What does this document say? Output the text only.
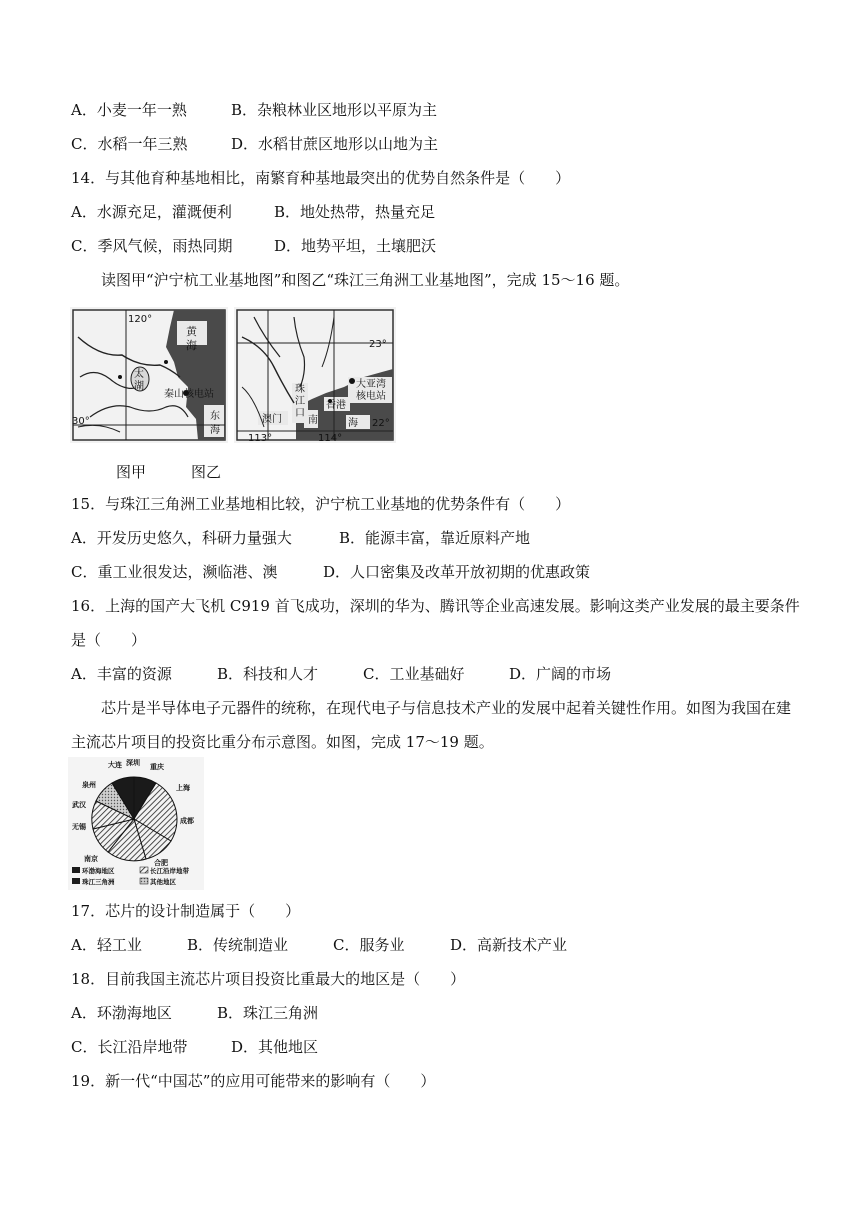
A．小麦一年一熟	B．杂粮林业区地形以平原为主
C．水稻一年三熟	D．水稻甘蔗区地形以山地为主
14．与其他育种基地相比，南繁育种基地最突出的优势自然条件是（　　）
A．水源充足，灌溉便利	B．地处热带，热量充足
C．季风气候，雨热同期	D．地势平坦，土壤肥沃
读图甲“沪宁杭工业基地图”和图乙“珠江三角洲工业基地图”，完成 15～16 题。
120°
黄
海
太
湖
秦山核电站
30°	东
海
23°
珠
江
口
大亚湾
核电站
香港
澳门	南	海 22°
113°	114°
图甲	图乙
15．与珠江三角洲工业基地相比较，沪宁杭工业基地的优势条件有（　　）
A．开发历史悠久，科研力量强大	B．能源丰富，靠近原料产地
C．重工业很发达，濒临港、澳	D．人口密集及改革开放初期的优惠政策
16．上海的国产大飞机 C919 首飞成功，深圳的华为、腾讯等企业高速发展。影响这类产业发展的最主要条件
是（　　）
A．丰富的资源	B．科技和人才	C．工业基础好	D．广阔的市场
芯片是半导体电子元器件的统称，在现代电子与信息技术产业的发展中起着关键性作用。如图为我国在建
主流芯片项目的投资比重分布示意图。如图，完成 17～19 题。
大连 深圳 重庆
上海
成都
合肥
南京
无锡
武汉
泉州
环渤海地区	长江沿岸地带
珠江三角洲	其他地区
17．芯片的设计制造属于（　　）
A．轻工业	B．传统制造业	C．服务业	D．高新技术产业
18．目前我国主流芯片项目投资比重最大的地区是（　　）
A．环渤海地区	B．珠江三角洲
C．长江沿岸地带	D．其他地区
19．新一代“中国芯”的应用可能带来的影响有（　　）
